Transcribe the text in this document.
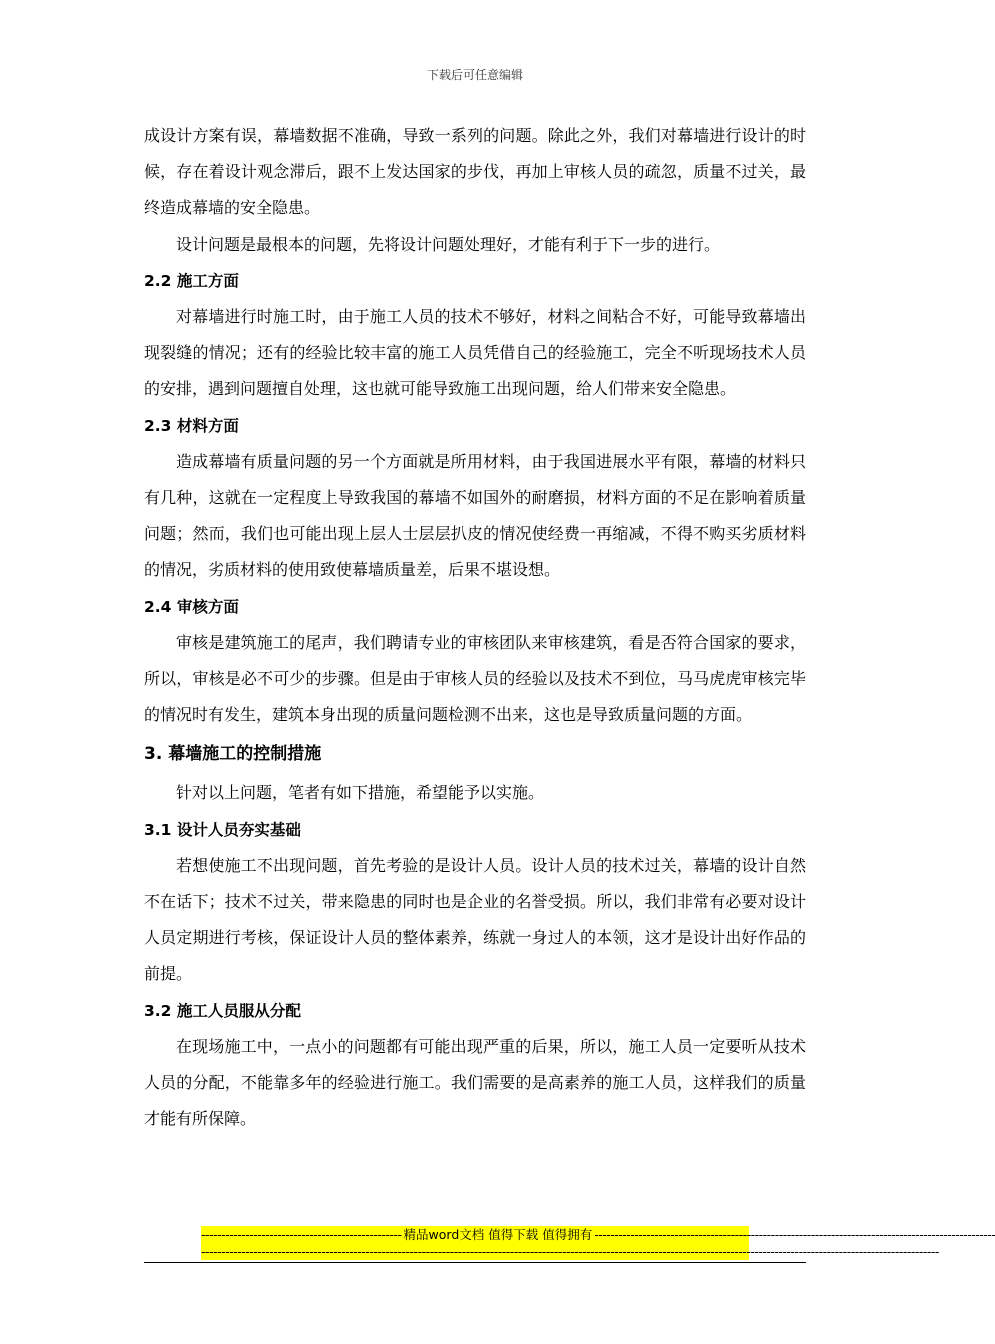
下载后可任意编辑

成设计方案有误，幕墙数据不准确，导致一系列的问题。除此之外，我们对幕墙进行设计的时候，存在着设计观念滞后，跟不上发达国家的步伐，再加上审核人员的疏忽，质量不过关，最终造成幕墙的安全隐患。

设计问题是最根本的问题，先将设计问题处理好，才能有利于下一步的进行。

2.2 施工方面

对幕墙进行时施工时，由于施工人员的技术不够好，材料之间粘合不好，可能导致幕墙出现裂缝的情况；还有的经验比较丰富的施工人员凭借自己的经验施工，完全不听现场技术人员的安排，遇到问题擅自处理，这也就可能导致施工出现问题，给人们带来安全隐患。

2.3 材料方面

造成幕墙有质量问题的另一个方面就是所用材料，由于我国进展水平有限，幕墙的材料只有几种，这就在一定程度上导致我国的幕墙不如国外的耐磨损，材料方面的不足在影响着质量问题；然而，我们也可能出现上层人士层层扒皮的情况使经费一再缩减，不得不购买劣质材料的情况，劣质材料的使用致使幕墙质量差，后果不堪设想。

2.4 审核方面

审核是建筑施工的尾声，我们聘请专业的审核团队来审核建筑，看是否符合国家的要求，所以，审核是必不可少的步骤。但是由于审核人员的经验以及技术不到位，马马虎虎审核完毕的情况时有发生，建筑本身出现的质量问题检测不出来，这也是导致质量问题的方面。

3. 幕墙施工的控制措施

针对以上问题，笔者有如下措施，希望能予以实施。

3.1 设计人员夯实基础

若想使施工不出现问题，首先考验的是设计人员。设计人员的技术过关，幕墙的设计自然不在话下；技术不过关，带来隐患的同时也是企业的名誉受损。所以，我们非常有必要对设计人员定期进行考核，保证设计人员的整体素养，练就一身过人的本领，这才是设计出好作品的前提。

3.2 施工人员服从分配

在现场施工中，一点小的问题都有可能出现严重的后果，所以，施工人员一定要听从技术人员的分配，不能靠多年的经验进行施工。我们需要的是高素养的施工人员，这样我们的质量才能有所保障。

-------------------------------------------------- 精品word文档 值得下载 值得拥有 ----------------------------------------------------------------------------------------------------
----------------------------------------------------------------------------------------------------------------------------------------------------------------------------------------
